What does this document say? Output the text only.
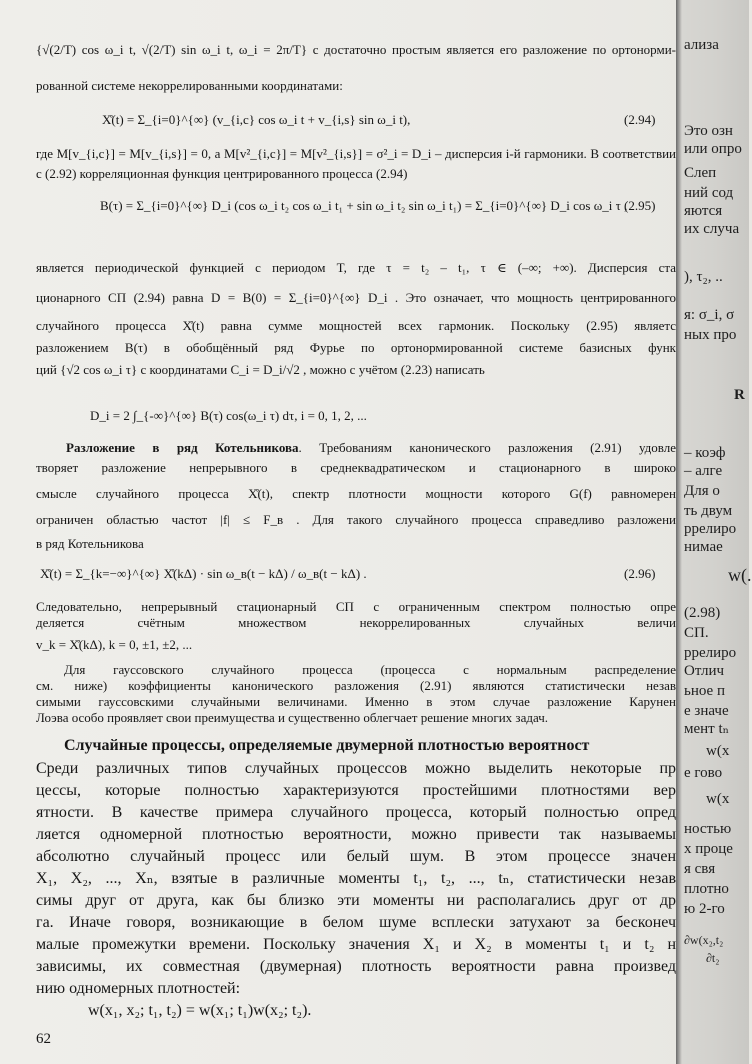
{√(2/T) cos ω_i t, √(2/T) sin ω_i t, ω_i = 2π/T} с достаточно простым является его разложение по ортонорми-
рованной системе некоррелированными координатами:
X̊(t) = Σ_{i=0}^{∞} (v_{i,c} cos ω_i t + v_{i,s} sin ω_i t),	(2.94)
где M[v_{i,c}] = M[v_{i,s}] = 0, а M[v²_{i,c}] = M[v²_{i,s}] = σ²_i = D_i – дисперсия i-й гармоники. В соответствии
с (2.92) корреляционная функция центрированного процесса (2.94)
B(τ) = Σ_{i=0}^{∞} D_i (cos ω_i t₂ cos ω_i t₁ + sin ω_i t₂ sin ω_i t₁) = Σ_{i=0}^{∞} D_i cos ω_i τ ,
(2.95)
является периодической функцией с периодом T, где τ = t₂ – t₁, τ ∈ (–∞; +∞). Дисперсия ста
ционарного СП (2.94) равна D = B(0) = Σ_{i=0}^{∞} D_i . Это означает, что мощность центрированного
случайного процесса X̊(t) равна сумме мощностей всех гармоник. Поскольку (2.95) являетс
разложением B(τ) в обобщённый ряд Фурье по ортонормированной системе базисных функ
ций {√2 cos ω_i τ} с координатами C_i = D_i/√2 , можно с учётом (2.23) написать
D_i = 2 ∫_{-∞}^{∞} B(τ) cos(ω_i τ) dτ, i = 0, 1, 2, ...
Разложение в ряд Котельникова. Требованиям канонического разложения (2.91) удовле
творяет разложение непрерывного в среднеквадратическом и стационарного в широко
смысле случайного процесса X̊(t), спектр плотности мощности которого G(f) равномерен
ограничен областью частот |f| ≤ F_в . Для такого случайного процесса справедливо разложени
в ряд Котельникова
X̊(t) = Σ_{k=−∞}^{∞} X̊(kΔ) · sin ω_в(t − kΔ) / ω_в(t − kΔ) .	(2.96)
Следовательно, непрерывный стационарный СП с ограниченным спектром полностью опре
деляется счётным множеством некоррелированных случайных величи
v_k = X̊(kΔ), k = 0, ±1, ±2, ...
Для гауссовского случайного процесса (процесса с нормальным распределение
см. ниже) коэффициенты канонического разложения (2.91) являются статистически незав
симыми гауссовскими случайными величинами. Именно в этом случае разложение Карунен
Лоэва особо проявляет свои преимущества и существенно облегчает решение многих задач.
Случайные процессы, определяемые двумерной плотностью вероятност
Среди различных типов случайных процессов можно выделить некоторые пр
цессы, которые полностью характеризуются простейшими плотностями вер
ятности. В качестве примера случайного процесса, который полностью опред
ляется одномерной плотностью вероятности, можно привести так называемы
абсолютно случайный процесс или белый шум. В этом процессе значен
X₁, X₂, ..., Xₙ, взятые в различные моменты t₁, t₂, ..., tₙ, статистически незав
симы друг от друга, как бы близко эти моменты ни располагались друг от др
га. Иначе говоря, возникающие в белом шуме всплески затухают за бесконеч
малые промежутки времени. Поскольку значения X₁ и X₂ в моменты t₁ и t₂ н
зависимы, их совместная (двумерная) плотность вероятности равна произвед
нию одномерных плотностей:
w(x₁, x₂; t₁, t₂) = w(x₁; t₁)w(x₂; t₂).
62
ализа
Это озн
или опро
Слеп
ний сод
яются
их случа
), τ₂, ..
я: σ_i, σ
ных про
R
– коэф
– алге
Для о
ть двум
ррелиро
нимае
w(.
(2.98)
СП.
ррелиро
Отлич
ьное п
е значе
мент tₙ
w(x
е гово
w(x
ностью
х проце
я свя
плотно
ю 2-го
∂w(x₂,t₂
∂t₂
